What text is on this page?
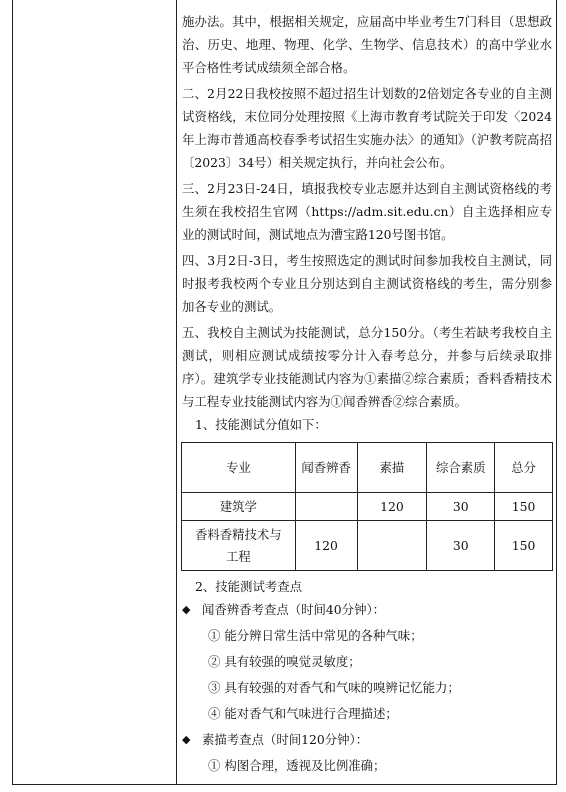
施办法。其中，根据相关规定，应届高中毕业考生7门科目（思想政治、历史、地理、物理、化学、生物学、信息技术）的高中学业水平合格性考试成绩须全部合格。

二、2月22日我校按照不超过招生计划数的2倍划定各专业的自主测试资格线，末位同分处理按照《上海市教育考试院关于印发〈2024年上海市普通高校春季考试招生实施办法〉的通知》（沪教考院高招〔2023〕34号）相关规定执行，并向社会公布。

三、2月23日-24日，填报我校专业志愿并达到自主测试资格线的考生须在我校招生官网（https://adm.sit.edu.cn）自主选择相应专业的测试时间，测试地点为漕宝路120号图书馆。

四、3月2日-3日，考生按照选定的测试时间参加我校自主测试，同时报考我校两个专业且分别达到自主测试资格线的考生，需分别参加各专业的测试。

五、我校自主测试为技能测试，总分150分。（考生若缺考我校自主测试，则相应测试成绩按零分计入春考总分，并参与后续录取排序）。建筑学专业技能测试内容为①素描②综合素质；香料香精技术与工程专业技能测试内容为①闻香辨香②综合素质。

1、技能测试分值如下：

专业	闻香辨香	素描	综合素质	总分
建筑学		120	30	150
香料香精技术与工程	120		30	150

2、技能测试考查点

◆ 闻香辨香考查点（时间40分钟）：

① 能分辨日常生活中常见的各种气味；

② 具有较强的嗅觉灵敏度；

③ 具有较强的对香气和气味的嗅辨记忆能力；

④ 能对香气和气味进行合理描述；

◆ 素描考查点（时间120分钟）：

① 构图合理，透视及比例准确；
